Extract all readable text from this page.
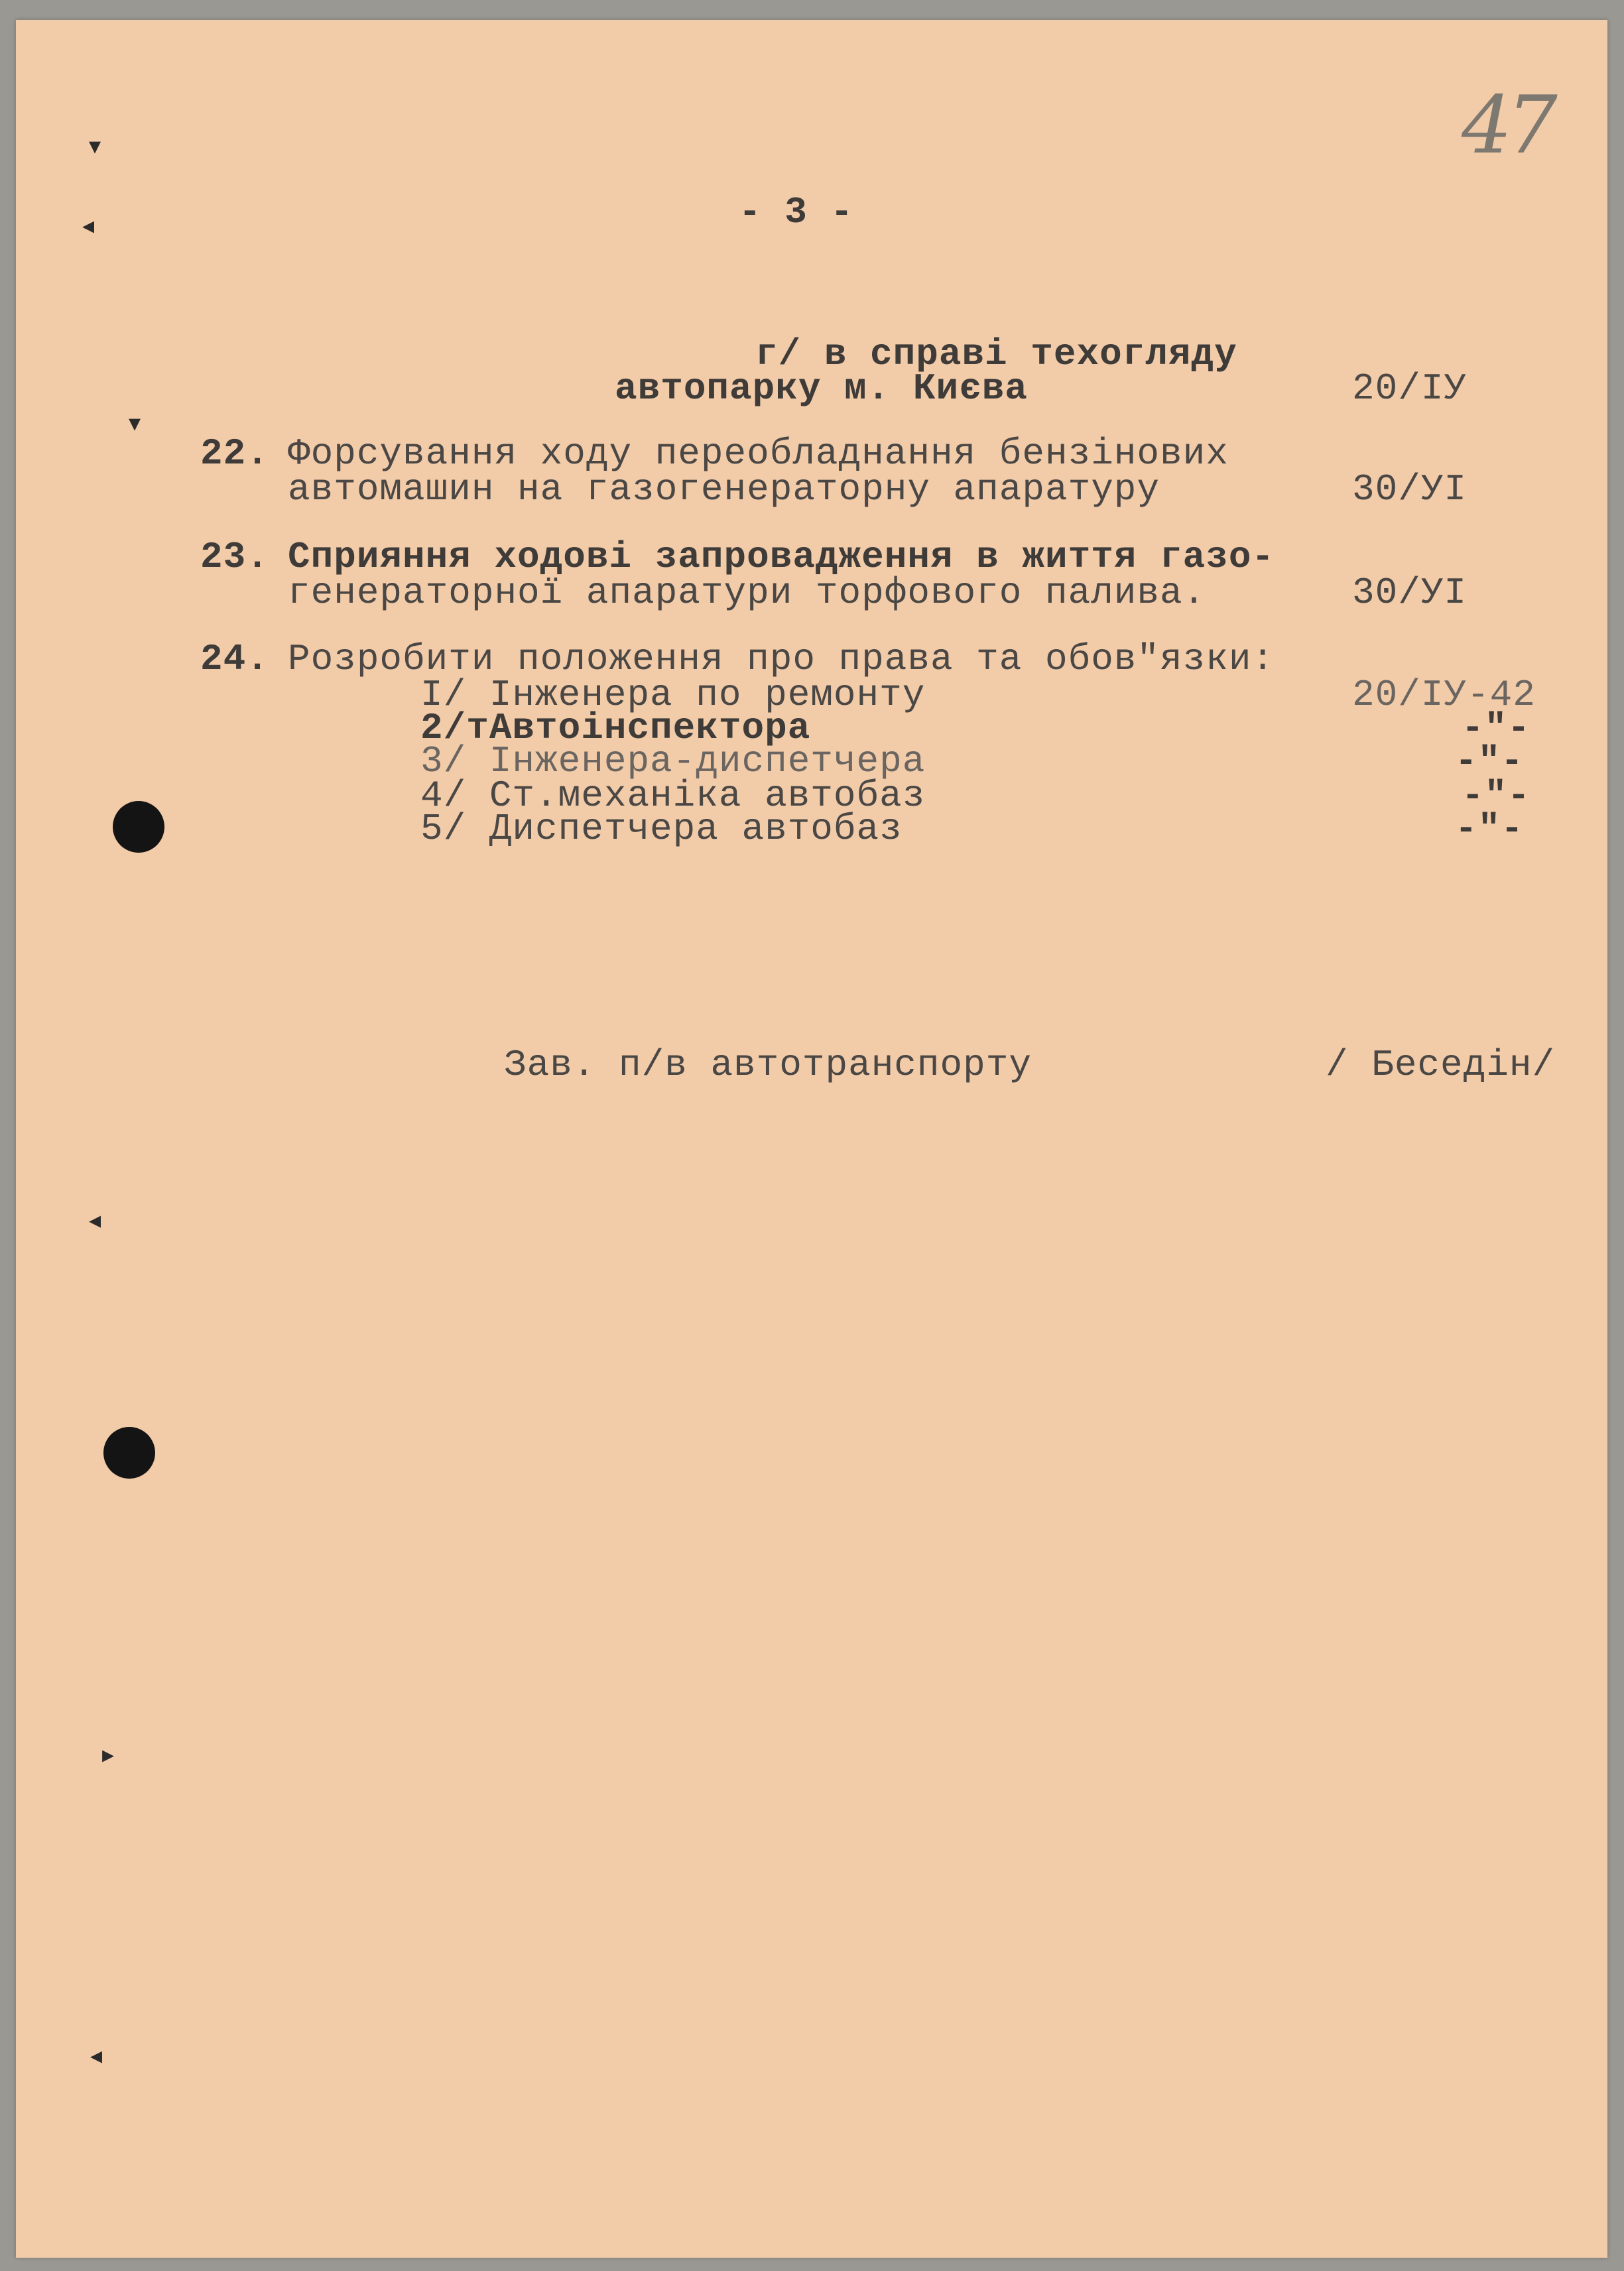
47
- 3 -
г/ в справі техогляду
автопарку м. Києва	20/ІУ
22. Форсування ходу переобладнання бензінових
автомашин на газогенераторну апаратуру	30/УІ
23. Сприяння ходові запровадження в життя газо-
генераторної апаратури торфового палива.	30/УІ
24. Розробити положення про права та обов"язки:
І/ Інженера по ремонту	20/ІУ-42
2/тАвтоінспектора	-"-
3/ Інженера-диспетчера	-"-
4/ Ст.механіка автобаз	-"-
5/ Диспетчера автобаз	-"-
Зав. п/в автотранспорту	/ Беседін/
▾
◂
▾
◂
▸
◂
